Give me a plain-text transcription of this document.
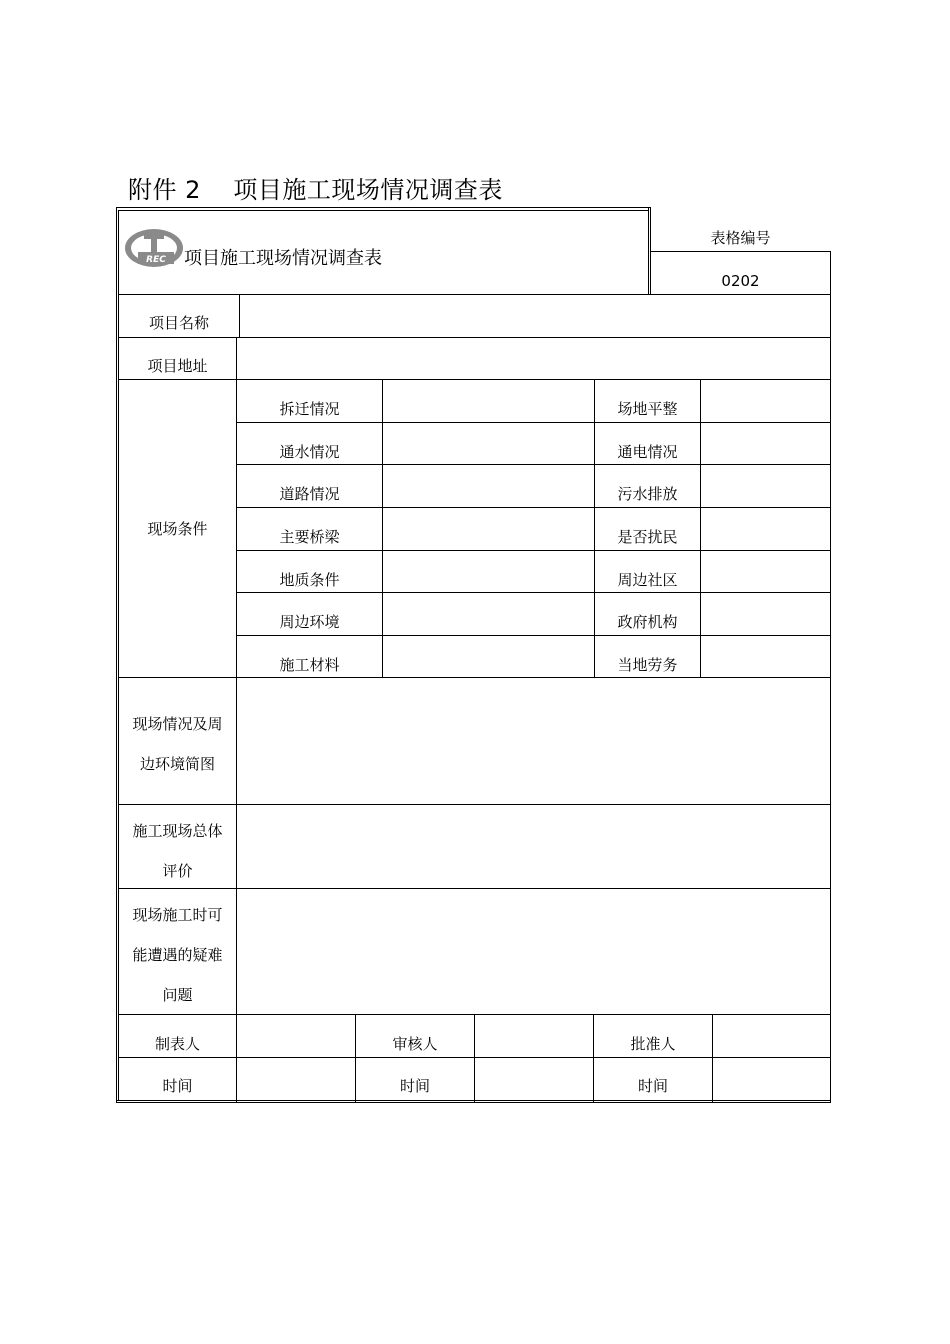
附件 2 项目施工现场情况调查表
REC 项目施工现场情况调查表
表格编号
0202
项目名称
项目地址
现场条件
拆迁情况	场地平整
通水情况	通电情况
道路情况	污水排放
主要桥梁	是否扰民
地质条件	周边社区
周边环境	政府机构
施工材料	当地劳务
现场情况及周
边环境简图
施工现场总体
评价
现场施工时可
能遭遇的疑难
问题
制表人	审核人	批准人
时间	时间	时间
